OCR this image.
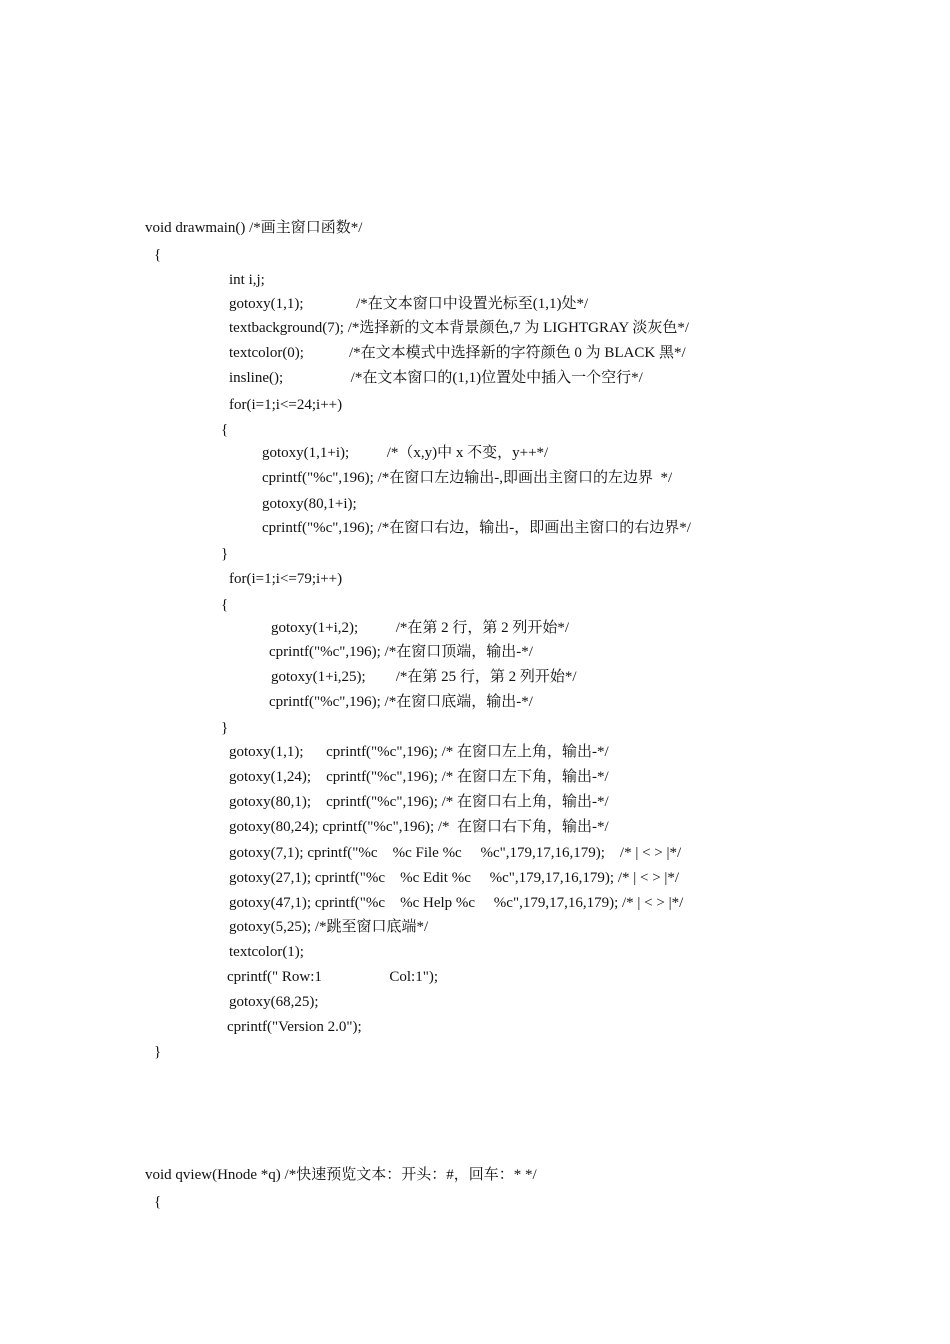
void drawmain() /*画主窗口函数*/
{
int i,j;
gotoxy(1,1);              /*在文本窗口中设置光标至(1,1)处*/
textbackground(7); /*选择新的文本背景颜色,7 为 LIGHTGRAY 淡灰色*/
textcolor(0);            /*在文本模式中选择新的字符颜色 0 为 BLACK 黑*/
insline();                  /*在文本窗口的(1,1)位置处中插入一个空行*/
for(i=1;i<=24;i++)
{
gotoxy(1,1+i);          /*（x,y)中 x 不变，y++*/
cprintf("%c",196); /*在窗口左边输出-,即画出主窗口的左边界  */
gotoxy(80,1+i);
cprintf("%c",196); /*在窗口右边，输出-，即画出主窗口的右边界*/
}
for(i=1;i<=79;i++)
{
gotoxy(1+i,2);          /*在第 2 行，第 2 列开始*/
cprintf("%c",196); /*在窗口顶端，输出-*/
gotoxy(1+i,25);        /*在第 25 行，第 2 列开始*/
cprintf("%c",196); /*在窗口底端，输出-*/
}
gotoxy(1,1);      cprintf("%c",196); /* 在窗口左上角，输出-*/
gotoxy(1,24);    cprintf("%c",196); /* 在窗口左下角，输出-*/
gotoxy(80,1);    cprintf("%c",196); /* 在窗口右上角，输出-*/
gotoxy(80,24); cprintf("%c",196); /*  在窗口右下角，输出-*/
gotoxy(7,1); cprintf("%c    %c File %c     %c",179,17,16,179);    /* | < > |*/
gotoxy(27,1); cprintf("%c    %c Edit %c     %c",179,17,16,179); /* | < > |*/
gotoxy(47,1); cprintf("%c    %c Help %c     %c",179,17,16,179); /* | < > |*/
gotoxy(5,25); /*跳至窗口底端*/
textcolor(1);
cprintf(" Row:1                  Col:1");
gotoxy(68,25);
cprintf("Version 2.0");
}
void qview(Hnode *q) /*快速预览文本：开头：#，回车：* */
{
